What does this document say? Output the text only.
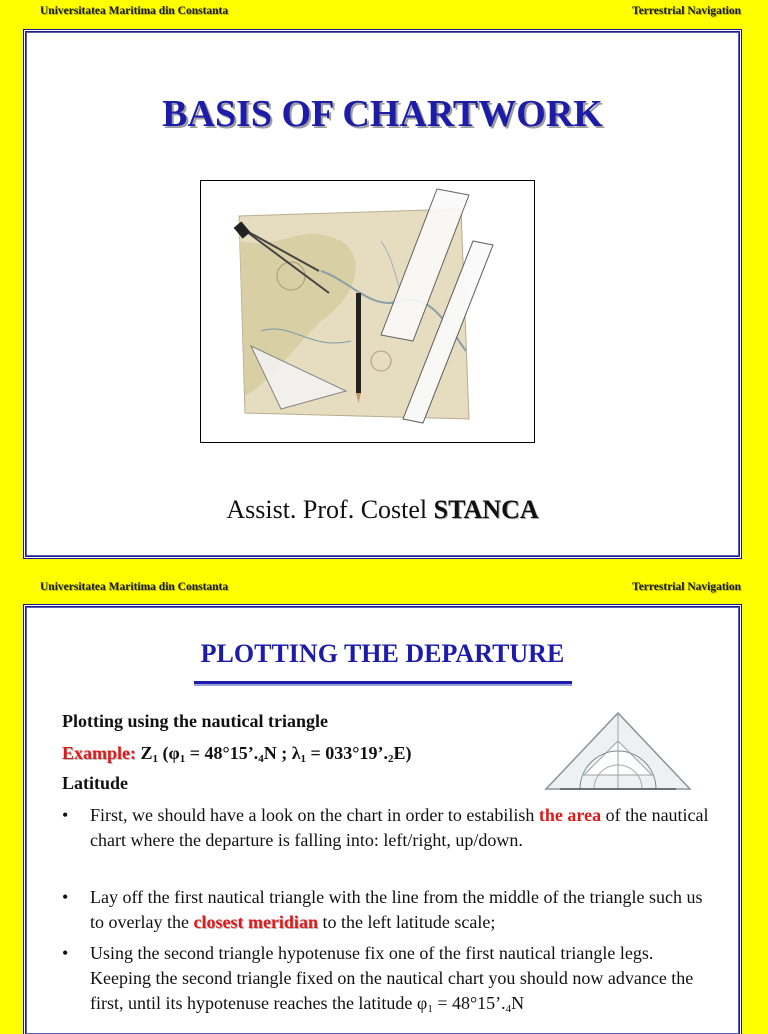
Universitatea Maritima din Constanta	Terrestrial Navigation
BASIS OF CHARTWORK
Assist. Prof. Costel STANCA
Universitatea Maritima din Constanta	Terrestrial Navigation
PLOTTING THE DEPARTURE
Plotting using the nautical triangle
Example: $Z_1$ ($\varphi_1$ = $48^\circ 15’._4N$ ; $\lambda_1$ = $033^\circ 19’._2E$)
Latitude
• First, we should have a look on the chart in order to estabilish the area of the nautical chart where the departure is falling into: left/right, up/down.
• Lay off the first nautical triangle with the line from the middle of the triangle such us to overlay the closest meridian to the left latitude scale;
• Using the second triangle hypotenuse fix one of the first nautical triangle legs. Keeping the second triangle fixed on the nautical chart you should now advance the first, until its hypotenuse reaches the latitude $\varphi_1$ = $48^\circ 15’._4N$
